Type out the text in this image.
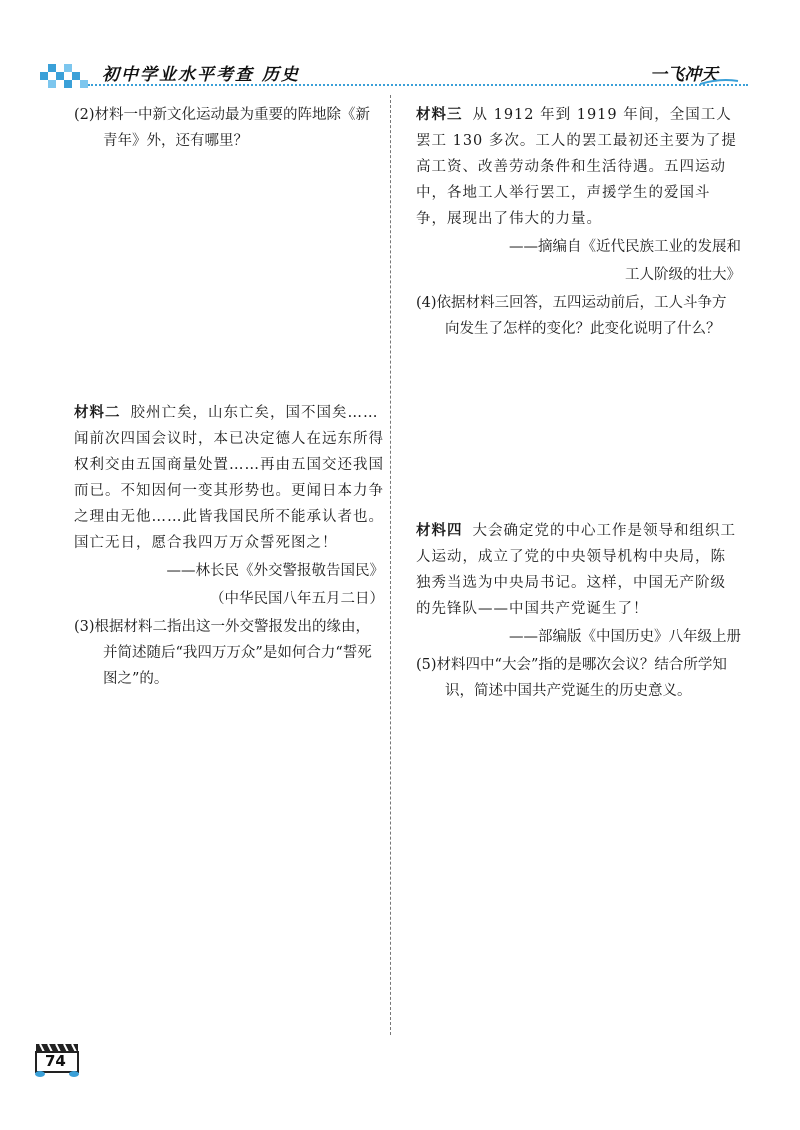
初中学业水平考查 历史	一飞冲天

(2)材料一中新文化运动最为重要的阵地除《新青年》外，还有哪里？

材料二 胶州亡矣，山东亡矣，国不国矣……闻前次四国会议时，本已决定德人在远东所得权利交由五国商量处置……再由五国交还我国而已。不知因何一变其形势也。更闻日本力争之理由无他……此皆我国民所不能承认者也。国亡无日，愿合我四万万众誓死图之！

——林长民《外交警报敬告国民》

（中华民国八年五月二日）

(3)根据材料二指出这一外交警报发出的缘由，并简述随后“我四万万众”是如何合力“誓死图之”的。

材料三 从 1912 年到 1919 年间，全国工人罢工 130 多次。工人的罢工最初还主要为了提高工资、改善劳动条件和生活待遇。五四运动中，各地工人举行罢工，声援学生的爱国斗争，展现出了伟大的力量。

——摘编自《近代民族工业的发展和

工人阶级的壮大》

(4)依据材料三回答，五四运动前后，工人斗争方向发生了怎样的变化？此变化说明了什么？

材料四 大会确定党的中心工作是领导和组织工人运动，成立了党的中央领导机构中央局，陈独秀当选为中央局书记。这样，中国无产阶级的先锋队——中国共产党诞生了！

——部编版《中国历史》八年级上册

(5)材料四中“大会”指的是哪次会议？结合所学知识，简述中国共产党诞生的历史意义。

74
